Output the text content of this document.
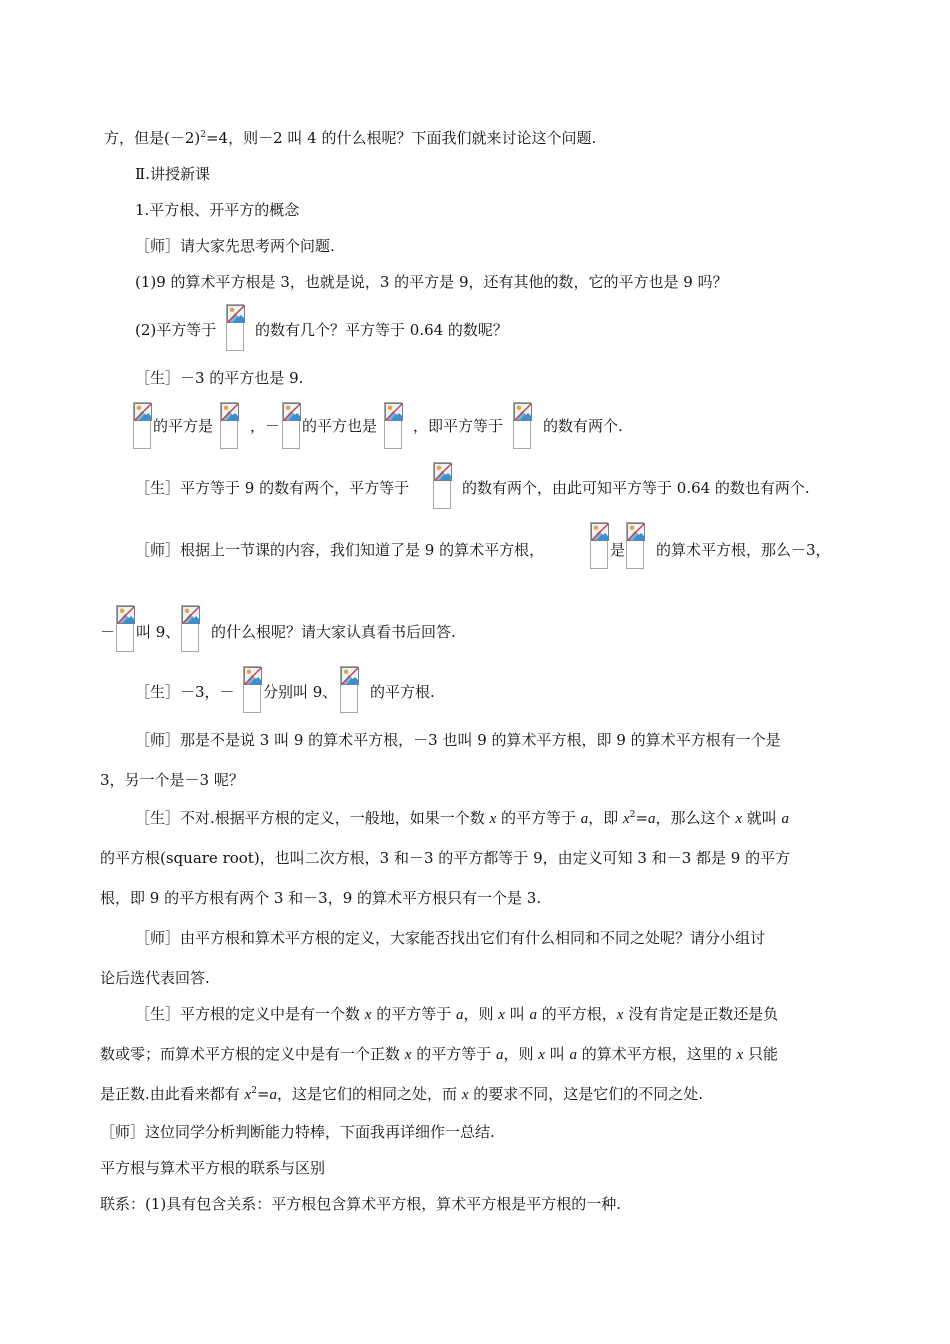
方，但是$(-2)^2=4$，则－2 叫 4 的什么根呢？下面我们就来讨论这个问题.
Ⅱ.讲授新课
1.平方根、开平方的概念
［师］请大家先思考两个问题.
(1)9 的算术平方根是 3，也就是说，3 的平方是 9，还有其他的数，它的平方也是 9 吗？
(2)平方等于	的数有几个？平方等于 0.64 的数呢？
［生］－3 的平方也是 9.
的平方是 ，－ 的平方也是 ，即平方等于	的数有两个.
［生］平方等于 9 的数有两个，平方等于	的数有两个，由此可知平方等于 0.64 的数也有两个.
［师］根据上一节课的内容，我们知道了是 9 的算术平方根，	是 的算术平方根，那么－3，
－ 叫 9、 的什么根呢？请大家认真看书后回答.
［生］－3，－ 分别叫 9、 的平方根.
［师］那是不是说 3 叫 9 的算术平方根，－3 也叫 9 的算术平方根，即 9 的算术平方根有一个是
3，另一个是－3 呢？
［生］不对.根据平方根的定义，一般地，如果一个数 x 的平方等于 a，即 $x^2=a$，那么这个 x 就叫 a
的平方根(square root)，也叫二次方根，3 和－3 的平方都等于 9，由定义可知 3 和－3 都是 9 的平方
根，即 9 的平方根有两个 3 和－3，9 的算术平方根只有一个是 3.
［师］由平方根和算术平方根的定义，大家能否找出它们有什么相同和不同之处呢？请分小组讨
论后选代表回答.
［生］平方根的定义中是有一个数 x 的平方等于 a，则 x 叫 a 的平方根，x 没有肯定是正数还是负
数或零；而算术平方根的定义中是有一个正数 x 的平方等于 a，则 x 叫 a 的算术平方根，这里的 x 只能
是正数.由此看来都有 $x^2=a$，这是它们的相同之处，而 x 的要求不同，这是它们的不同之处.
［师］这位同学分析判断能力特棒，下面我再详细作一总结.
平方根与算术平方根的联系与区别
联系：(1)具有包含关系：平方根包含算术平方根，算术平方根是平方根的一种.
